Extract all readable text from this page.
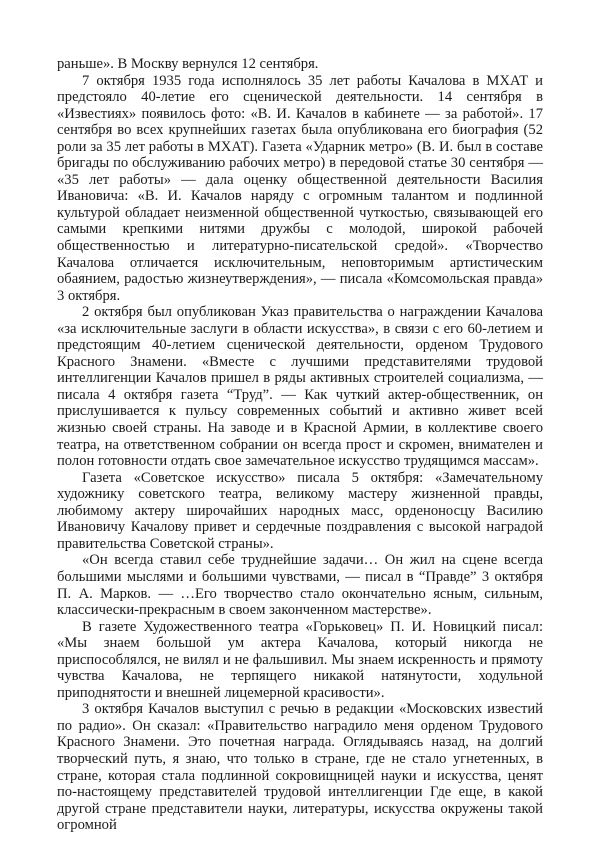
раньше». В Москву вернулся 12 сентября.

7 октября 1935 года исполнялось 35 лет работы Качалова в МХАТ и предстояло 40-летие его сценической деятельности. 14 сентября в «Известиях» появилось фото: «В. И. Качалов в кабинете — за работой». 17 сентября во всех крупнейших газетах была опубликована его биография (52 роли за 35 лет работы в МХАТ). Газета «Ударник метро» (В. И. был в составе бригады по обслуживанию рабочих метро) в передовой статье 30 сентября — «35 лет работы» — дала оценку общественной деятельности Василия Ивановича: «В. И. Качалов наряду с огромным талантом и подлинной культурой обладает неизменной общественной чуткостью, связывающей его самыми крепкими нитями дружбы с молодой, широкой рабочей общественностью и литературно-писательской средой». «Творчество Качалова отличается исключительным, неповторимым артистическим обаянием, радостью жизнеутверждения», — писала «Комсомольская правда» 3 октября.

2 октября был опубликован Указ правительства о награждении Качалова «за исключительные заслуги в области искусства», в связи с его 60-летием и предстоящим 40-летием сценической деятельности, орденом Трудового Красного Знамени. «Вместе с лучшими представителями трудовой интеллигенции Качалов пришел в ряды активных строителей социализма, — писала 4 октября газета “Труд”. — Как чуткий актер-общественник, он прислушивается к пульсу современных событий и активно живет всей жизнью своей страны. На заводе и в Красной Армии, в коллективе своего театра, на ответственном собрании он всегда прост и скромен, внимателен и полон готовности отдать свое замечательное искусство трудящимся массам».

Газета «Советское искусство» писала 5 октября: «Замечательному художнику советского театра, великому мастеру жизненной правды, любимому актеру широчайших народных масс, орденоносцу Василию Ивановичу Качалову привет и сердечные поздравления с высокой наградой правительства Советской страны».

«Он всегда ставил себе труднейшие задачи… Он жил на сцене всегда большими мыслями и большими чувствами, — писал в “Правде” 3 октября П. А. Марков. — …Его творчество стало окончательно ясным, сильным, классически-прекрасным в своем законченном мастерстве».

В газете Художественного театра «Горьковец» П. И. Новицкий писал: «Мы знаем большой ум актера Качалова, который никогда не приспособлялся, не вилял и не фальшивил. Мы знаем искренность и прямоту чувства Качалова, не терпящего никакой натянутости, ходульной приподнятости и внешней лицемерной красивости».

3 октября Качалов выступил с речью в редакции «Московских известий по радио». Он сказал: «Правительство наградило меня орденом Трудового Красного Знамени. Это почетная награда. Оглядываясь назад, на долгий творческий путь, я знаю, что только в стране, где не стало угнетенных, в стране, которая стала подлинной сокровищницей науки и искусства, ценят по-настоящему представителей трудовой интеллигенции Где еще, в какой другой стране представители науки, литературы, искусства окружены такой огромной
